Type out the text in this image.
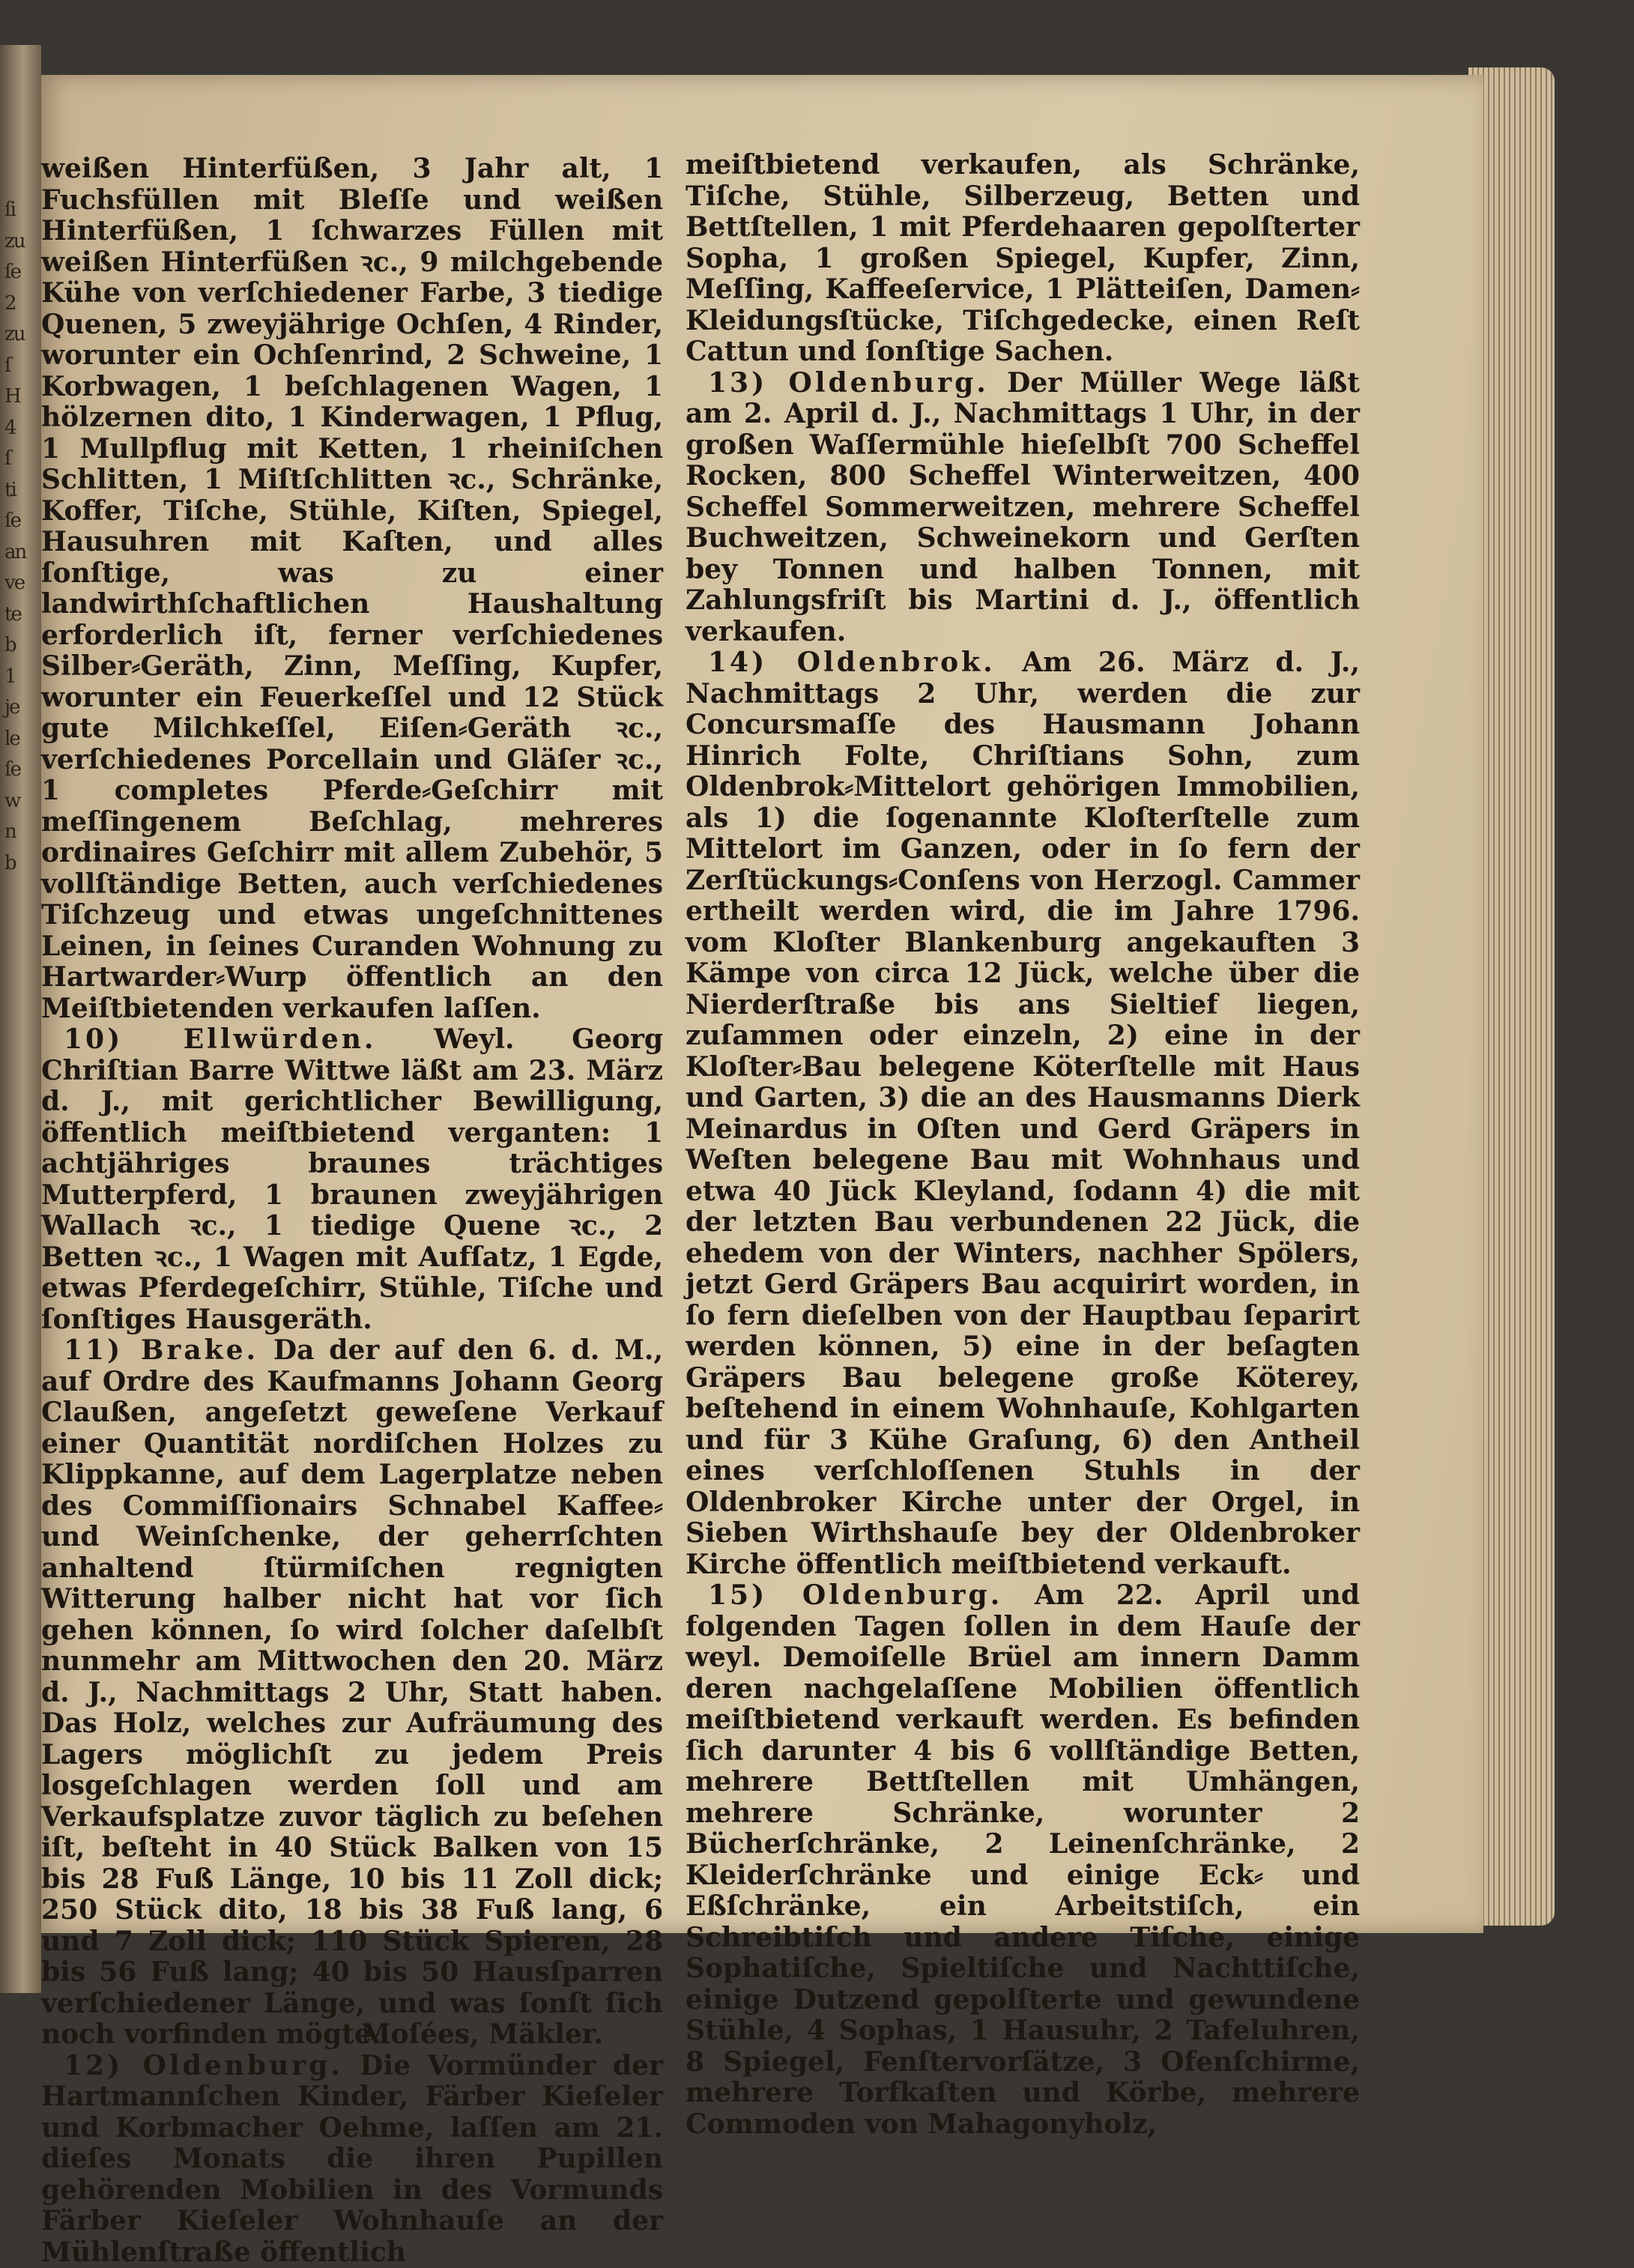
ſi
zu
ſe
2
zu
ſ
H
4
ſ
ti
ſe
an
ve
te
b
1
je
le
ſe
w
n
b

weißen Hinterfüßen, 3 Jahr alt, 1 Fuchsfüllen mit Bleſſe und weißen Hinterfüßen, 1 ſchwarzes Füllen mit weißen Hinterfüßen ꝛc., 9 milchgebende Kühe von verſchiedener Farbe, 3 tiedige Quenen, 5 zweyjährige Ochſen, 4 Rinder, worunter ein Ochſenrind, 2 Schweine, 1 Korbwagen, 1 beſchlagenen Wagen, 1 hölzernen dito, 1 Kinderwagen, 1 Pflug, 1 Mullpflug mit Ketten, 1 rheiniſchen Schlitten, 1 Miſtſchlitten ꝛc., Schränke, Koffer, Tiſche, Stühle, Kiſten, Spiegel, Hausuhren mit Kaſten, und alles ſonſtige, was zu einer landwirthſchaftlichen Haushaltung erforderlich iſt, ferner verſchiedenes Silber⸗Geräth, Zinn, Meſſing, Kupfer, worunter ein Feuerkeſſel und 12 Stück gute Milchkeſſel, Eiſen⸗Geräth ꝛc., verſchiedenes Porcellain und Gläſer ꝛc., 1 completes Pferde⸗Geſchirr mit meſſingenem Beſchlag, mehreres ordinaires Geſchirr mit allem Zubehör, 5 vollſtändige Betten, auch verſchiedenes Tiſchzeug und etwas ungeſchnittenes Leinen, in ſeines Curanden Wohnung zu Hartwarder⸗Wurp öffentlich an den Meiſtbietenden verkaufen laſſen.

10) Ellwürden. Weyl. Georg Chriſtian Barre Wittwe läßt am 23. März d. J., mit gerichtlicher Bewilligung, öffentlich meiſtbietend verganten: 1 achtjähriges braunes trächtiges Mutterpferd, 1 braunen zweyjährigen Wallach ꝛc., 1 tiedige Quene ꝛc., 2 Betten ꝛc., 1 Wagen mit Aufſatz, 1 Egde, etwas Pferdegeſchirr, Stühle, Tiſche und ſonſtiges Hausgeräth.

11) Brake. Da der auf den 6. d. M., auf Ordre des Kaufmanns Johann Georg Claußen, angeſetzt geweſene Verkauf einer Quantität nordiſchen Holzes zu Klippkanne, auf dem Lagerplatze neben des Commiſſionairs Schnabel Kaffee⸗ und Weinſchenke, der geherrſchten anhaltend ſtürmiſchen regnigten Witterung halber nicht hat vor ſich gehen können, ſo wird ſolcher daſelbſt nunmehr am Mittwochen den 20. März d. J., Nachmittags 2 Uhr, Statt haben. Das Holz, welches zur Aufräumung des Lagers möglichſt zu jedem Preis losgeſchlagen werden ſoll und am Verkaufsplatze zuvor täglich zu beſehen iſt, beſteht in 40 Stück Balken von 15 bis 28 Fuß Länge, 10 bis 11 Zoll dick; 250 Stück dito, 18 bis 38 Fuß lang, 6 und 7 Zoll dick; 110 Stück Spieren, 28 bis 56 Fuß lang; 40 bis 50 Hausſparren verſchiedener Länge, und was ſonſt ſich noch vorfinden mögte.

Moſées, Mäkler.

12) Oldenburg. Die Vormünder der Hartmannſchen Kinder, Färber Kieſeler und Korbmacher Oehme, laſſen am 21. dieſes Monats die ihren Pupillen gehörenden Mobilien in des Vormunds Färber Kieſeler Wohnhauſe an der Mühlenſtraße öffentlich

meiſtbietend verkaufen, als Schränke, Tiſche, Stühle, Silberzeug, Betten und Bettſtellen, 1 mit Pferdehaaren gepolſterter Sopha, 1 großen Spiegel, Kupfer, Zinn, Meſſing, Kaffeeſervice, 1 Plätteiſen, Damen⸗Kleidungsſtücke, Tiſchgedecke, einen Reſt Cattun und ſonſtige Sachen.

13) Oldenburg. Der Müller Wege läßt am 2. April d. J., Nachmittags 1 Uhr, in der großen Waſſermühle hieſelbſt 700 Scheffel Rocken, 800 Scheffel Winterweitzen, 400 Scheffel Sommerweitzen, mehrere Scheffel Buchweitzen, Schweinekorn und Gerſten bey Tonnen und halben Tonnen, mit Zahlungsfriſt bis Martini d. J., öffentlich verkaufen.

14) Oldenbrok. Am 26. März d. J., Nachmittags 2 Uhr, werden die zur Concursmaſſe des Hausmann Johann Hinrich Folte, Chriſtians Sohn, zum Oldenbrok⸗Mittelort gehörigen Immobilien, als 1) die ſogenannte Kloſterſtelle zum Mittelort im Ganzen, oder in ſo fern der Zerſtückungs⸗Conſens von Herzogl. Cammer ertheilt werden wird, die im Jahre 1796. vom Kloſter Blankenburg angekauften 3 Kämpe von circa 12 Jück, welche über die Nierderſtraße bis ans Sieltief liegen, zuſammen oder einzeln, 2) eine in der Kloſter⸗Bau belegene Köterſtelle mit Haus und Garten, 3) die an des Hausmanns Dierk Meinardus in Oſten und Gerd Gräpers in Weſten belegene Bau mit Wohnhaus und etwa 40 Jück Kleyland, ſodann 4) die mit der letzten Bau verbundenen 22 Jück, die ehedem von der Winters, nachher Spölers, jetzt Gerd Gräpers Bau acquirirt worden, in ſo fern dieſelben von der Hauptbau ſeparirt werden können, 5) eine in der beſagten Gräpers Bau belegene große Köterey, beſtehend in einem Wohnhauſe, Kohlgarten und für 3 Kühe Graſung, 6) den Antheil eines verſchloſſenen Stuhls in der Oldenbroker Kirche unter der Orgel, in Sieben Wirthshauſe bey der Oldenbroker Kirche öffentlich meiſtbietend verkauft.

15) Oldenburg. Am 22. April und folgenden Tagen ſollen in dem Hauſe der weyl. Demoiſelle Brüel am innern Damm deren nachgelaſſene Mobilien öffentlich meiſtbietend verkauft werden. Es befinden ſich darunter 4 bis 6 vollſtändige Betten, mehrere Bettſtellen mit Umhängen, mehrere Schränke, worunter 2 Bücherſchränke, 2 Leinenſchränke, 2 Kleiderſchränke und einige Eck⸗ und Eßſchränke, ein Arbeitstiſch, ein Schreibtiſch und andere Tiſche, einige Sophatiſche, Spieltiſche und Nachttiſche, einige Dutzend gepolſterte und gewundene Stühle, 4 Sophas, 1 Hausuhr, 2 Tafeluhren, 8 Spiegel, Fenſtervorſätze, 3 Ofenſchirme, mehrere Torfkaſten und Körbe, mehrere Commoden von Mahagonyholz,
